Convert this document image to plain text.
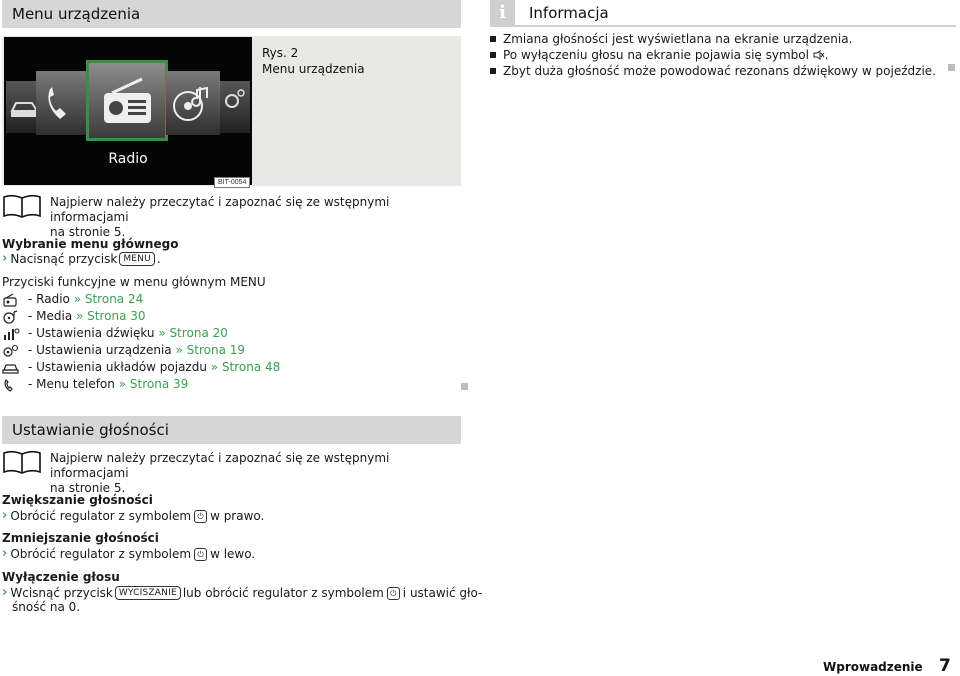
Menu urządzenia
Radio
BIT-0054
Rys. 2
Menu urządzenia
Najpierw należy przeczytać i zapoznać się ze wstępnymi informacjami
na stronie 5.
Wybranie menu głównego
› Nacisnąć przycisk MENU .
Przyciski funkcyjne w menu głównym MENU
- Radio
» Strona 24
- Media
» Strona 30
- Ustawienia dźwięku
» Strona 20
- Ustawienia urządzenia
» Strona 19
- Ustawienia układów pojazdu
» Strona 48
- Menu telefon
» Strona 39
Ustawianie głośności
Najpierw należy przeczytać i zapoznać się ze wstępnymi informacjami
na stronie 5.
Zwiększanie głośności
› Obrócić regulator z symbolem ⏻ w prawo.
Zmniejszanie głośności
› Obrócić regulator z symbolem ⏻ w lewo.
Wyłączenie głosu
› Wcisnąć przycisk WYCISZANIE lub obrócić regulator z symbolem ⏻ i ustawić gło-
śność na 0.
i	Informacja
Zmiana głośności jest wyświetlana na ekranie urządzenia.
Po wyłączeniu głosu na ekranie pojawia się symbol .
Zbyt duża głośność może powodować rezonans dźwiękowy w pojeździe.
Wprowadzenie 7
